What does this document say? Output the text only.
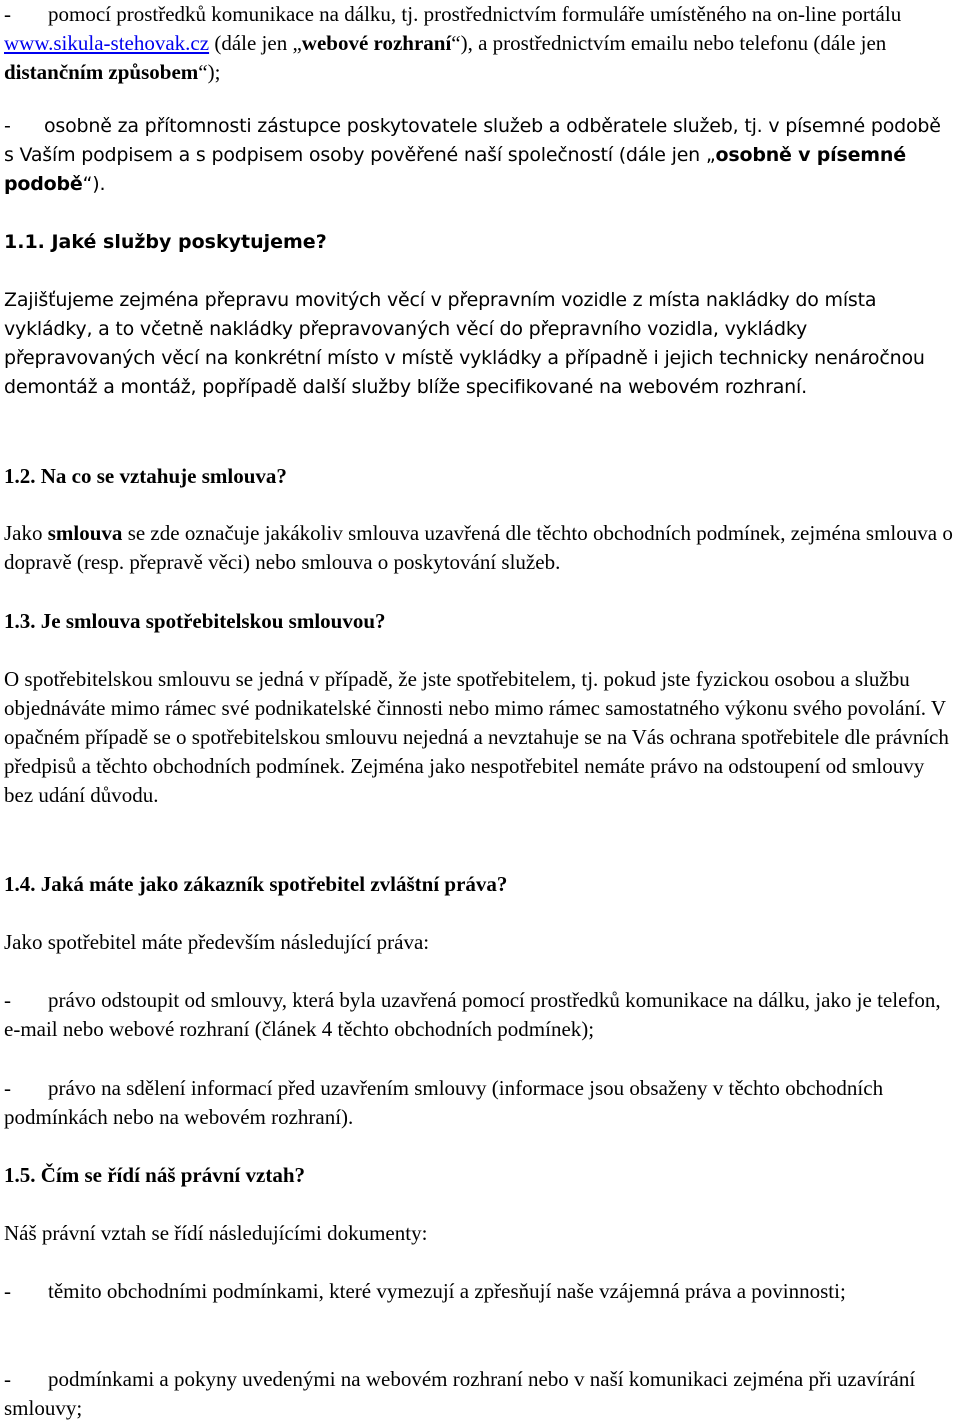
- pomocí prostředků komunikace na dálku, tj. prostřednictvím formuláře umístěného na on-line portálu www.sikula-stehovak.cz (dále jen „webové rozhraní“), a prostřednictvím emailu nebo telefonu (dále jen distančním způsobem“);

- osobně za přítomnosti zástupce poskytovatele služeb a odběratele služeb, tj. v písemné podobě s Vaším podpisem a s podpisem osoby pověřené naší společností (dále jen „osobně v písemné podobě“).

1.1. Jaké služby poskytujeme?

Zajišťujeme zejména přepravu movitých věcí v přepravním vozidle z místa nakládky do místa vykládky, a to včetně nakládky přepravovaných věcí do přepravního vozidla, vykládky přepravovaných věcí na konkrétní místo v místě vykládky a případně i jejich technicky nenáročnou demontáž a montáž, popřípadě další služby blíže specifikované na webovém rozhraní.

1.2. Na co se vztahuje smlouva?

Jako smlouva se zde označuje jakákoliv smlouva uzavřená dle těchto obchodních podmínek, zejména smlouva o dopravě (resp. přepravě věci) nebo smlouva o poskytování služeb.

1.3. Je smlouva spotřebitelskou smlouvou?

O spotřebitelskou smlouvu se jedná v případě, že jste spotřebitelem, tj. pokud jste fyzickou osobou a službu objednáváte mimo rámec své podnikatelské činnosti nebo mimo rámec samostatného výkonu svého povolání. V opačném případě se o spotřebitelskou smlouvu nejedná a nevztahuje se na Vás ochrana spotřebitele dle právních předpisů a těchto obchodních podmínek. Zejména jako nespotřebitel nemáte právo na odstoupení od smlouvy bez udání důvodu.

1.4. Jaká máte jako zákazník spotřebitel zvláštní práva?

Jako spotřebitel máte především následující práva:

- právo odstoupit od smlouvy, která byla uzavřená pomocí prostředků komunikace na dálku, jako je telefon, e-mail nebo webové rozhraní (článek 4 těchto obchodních podmínek);

- právo na sdělení informací před uzavřením smlouvy (informace jsou obsaženy v těchto obchodních podmínkách nebo na webovém rozhraní).

1.5. Čím se řídí náš právní vztah?

Náš právní vztah se řídí následujícími dokumenty:

- těmito obchodními podmínkami, které vymezují a zpřesňují naše vzájemná práva a povinnosti;

- podmínkami a pokyny uvedenými na webovém rozhraní nebo v naší komunikaci zejména při uzavírání smlouvy;
